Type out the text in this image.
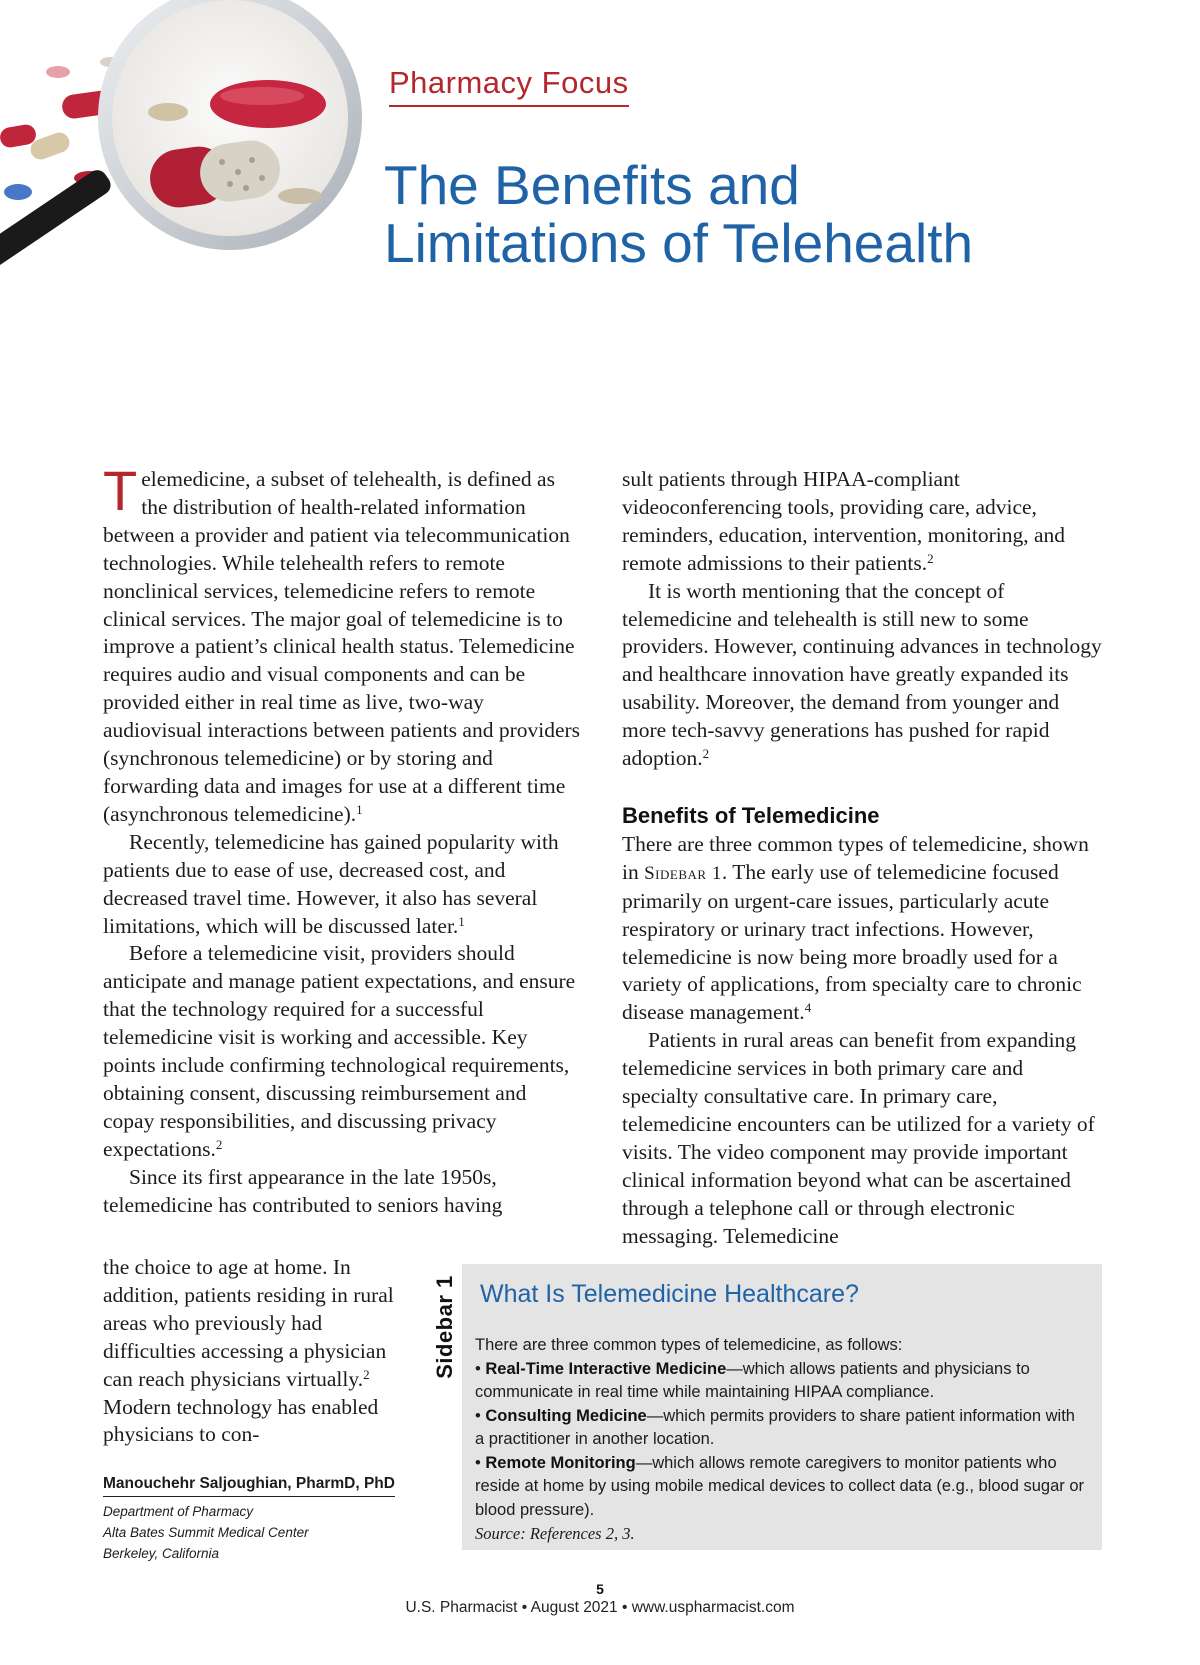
Pharmacy Focus
The Benefits and
Limitations of Telehealth

Telemedicine, a subset of telehealth, is defined as the distribution of health-related information between a provider and patient via telecommunication technologies. While telehealth refers to remote nonclinical services, telemedicine refers to remote clinical services. The major goal of telemedicine is to improve a patient’s clinical health status. Telemedicine requires audio and visual components and can be provided either in real time as live, two-way audiovisual interactions between patients and providers (synchronous telemedicine) or by storing and forwarding data and images for use at a different time (asynchronous telemedicine).$^1$

Recently, telemedicine has gained popularity with patients due to ease of use, decreased cost, and decreased travel time. However, it also has several limitations, which will be discussed later.$^1$

Before a telemedicine visit, providers should anticipate and manage patient expectations, and ensure that the technology required for a successful telemedicine visit is working and accessible. Key points include confirming technological requirements, obtaining consent, discussing reimbursement and copay responsibilities, and discussing privacy expectations.$^2$

Since its first appearance in the late 1950s, telemedicine has contributed to seniors having

the choice to age at home. In addition, patients residing in rural areas who previously had difficulties accessing a physician can reach physicians virtually.$^2$ Modern technology has enabled physicians to con-

sult patients through HIPAA-compliant videoconferencing tools, providing care, advice, reminders, education, intervention, monitoring, and remote admissions to their patients.$^2$

It is worth mentioning that the concept of telemedicine and telehealth is still new to some providers. However, continuing advances in technology and healthcare innovation have greatly expanded its usability. Moreover, the demand from younger and more tech-savvy generations has pushed for rapid adoption.$^2$

Benefits of Telemedicine

There are three common types of telemedicine, shown in Sidebar 1. The early use of telemedicine focused primarily on urgent-care issues, particularly acute respiratory or urinary tract infections. However, telemedicine is now being more broadly used for a variety of applications, from specialty care to chronic disease management.$^4$

Patients in rural areas can benefit from expanding telemedicine services in both primary care and specialty consultative care. In primary care, telemedicine encounters can be utilized for a variety of visits. The video component may provide important clinical information beyond what can be ascertained through a telephone call or through electronic messaging. Telemedicine

Sidebar 1 What Is Telemedicine Healthcare?

There are three common types of telemedicine, as follows:

• Real-Time Interactive Medicine—which allows patients and physicians to communicate in real time while maintaining HIPAA compliance.

• Consulting Medicine—which permits providers to share patient information with a practitioner in another location.

• Remote Monitoring—which allows remote caregivers to monitor patients who reside at home by using mobile medical devices to collect data (e.g., blood sugar or blood pressure).

Source: References 2, 3.

Manouchehr Saljoughian, PharmD, PhD
Department of Pharmacy
Alta Bates Summit Medical Center
Berkeley, California
5
U.S. Pharmacist • August 2021 • www.uspharmacist.com
